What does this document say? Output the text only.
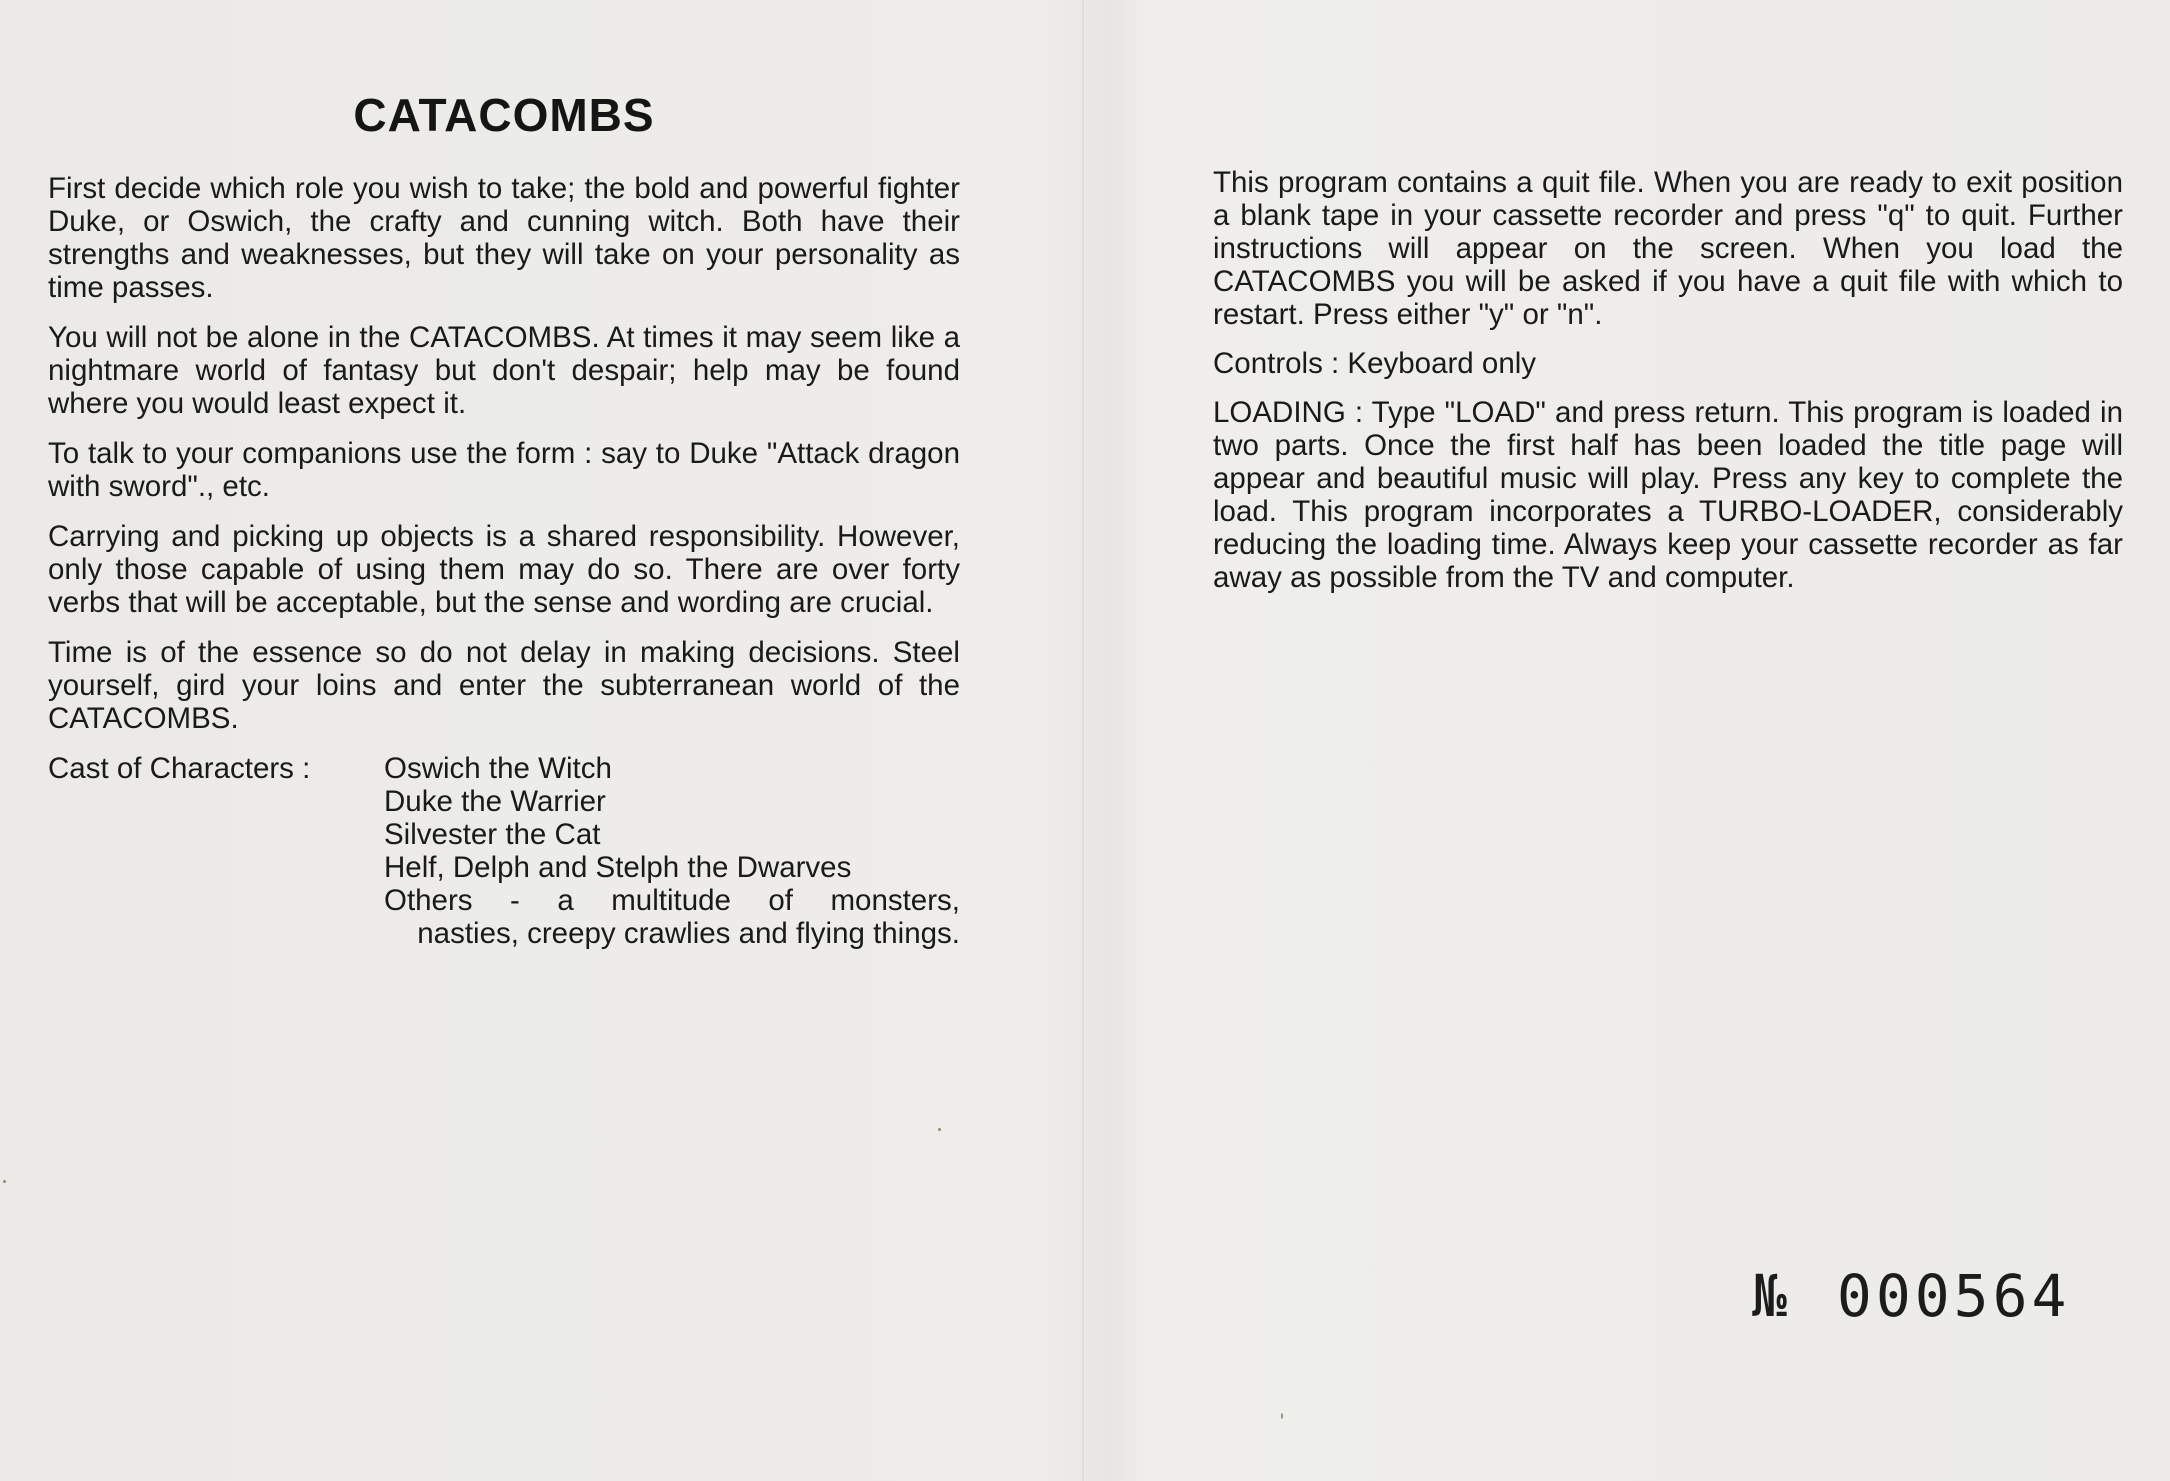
CATACOMBS

First decide which role you wish to take; the bold and powerful fighter Duke, or Oswich, the crafty and cunning witch. Both have their strengths and weaknesses, but they will take on your personality as time passes.

You will not be alone in the CATACOMBS. At times it may seem like a nightmare world of fantasy but don't despair; help may be found where you would least expect it.

To talk to your companions use the form : say to Duke "Attack dragon with sword"., etc.

Carrying and picking up objects is a shared responsibility. However, only those capable of using them may do so. There are over forty verbs that will be acceptable, but the sense and wording are crucial.

Time is of the essence so do not delay in making decisions. Steel yourself, gird your loins and enter the subterranean world of the CATACOMBS.

Cast of Characters :	Oswich the Witch
Duke the Warrier
Silvester the Cat
Helf, Delph and Stelph the Dwarves
Others - a multitude of monsters,
nasties, creepy crawlies and flying things.

This program contains a quit file. When you are ready to exit position a blank tape in your cassette recorder and press "q" to quit. Further instructions will appear on the screen. When you load the CATACOMBS you will be asked if you have a quit file with which to restart. Press either "y" or "n".

Controls : Keyboard only

LOADING : Type "LOAD" and press return. This program is loaded in two parts. Once the first half has been loaded the title page will appear and beautiful music will play. Press any key to complete the load. This program incorporates a TURBO-LOADER, considerably reducing the loading time. Always keep your cassette recorder as far away as possible from the TV and computer.

№ 000564
